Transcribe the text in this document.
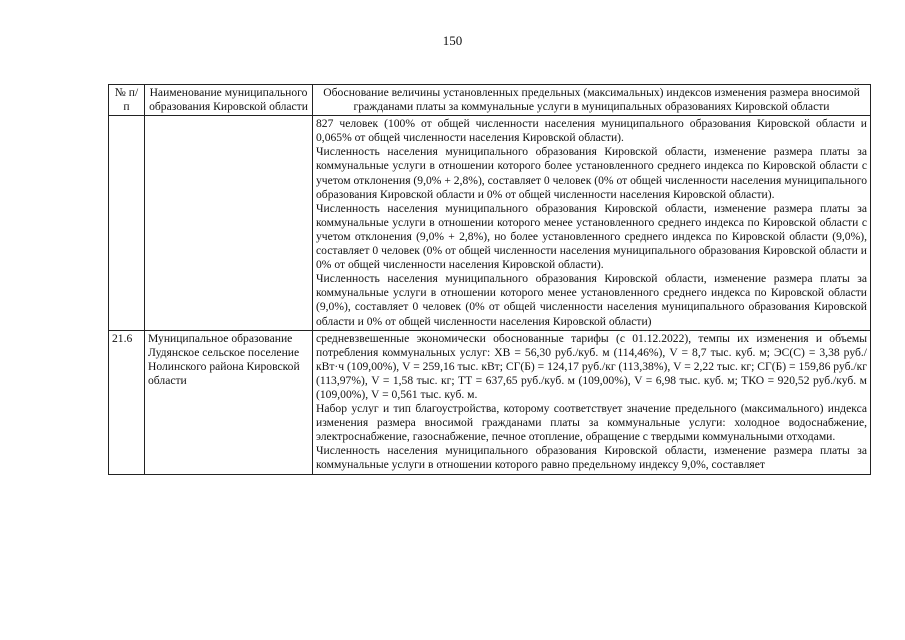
150
№ п/п	Наименование муниципального образования Кировской области	Обоснование величины установленных предельных (максимальных) индексов изменения размера вносимой гражданами платы за коммунальные услуги в муниципальных образованиях Кировской области

		827 человек (100% от общей численности населения муниципального образования Кировской области и 0,065% от общей численности населения Кировской области).
Численность населения муниципального образования Кировской области, изменение размера платы за коммунальные услуги в отношении которого более установленного среднего индекса по Кировской области с учетом отклонения (9,0% + 2,8%), составляет 0 человек (0% от общей численности населения муниципального образования Кировской области и 0% от общей численности населения Кировской области).
Численность населения муниципального образования Кировской области, изменение размера платы за коммунальные услуги в отношении которого менее установленного среднего индекса по Кировской области с учетом отклонения (9,0% + 2,8%), но более установленного среднего индекса по Кировской области (9,0%), составляет 0 человек (0% от общей численности населения муниципального образования Кировской области и 0% от общей численности населения Кировской области).
Численность населения муниципального образования Кировской области, изменение размера платы за коммунальные услуги в отношении которого менее установленного среднего индекса по Кировской области (9,0%), составляет 0 человек (0% от общей численности населения муниципального образования Кировской области и 0% от общей численности населения Кировской области)

21.6	Муниципальное образование Лудянское сельское поселение Нолинского района Кировской области	средневзвешенные экономически обоснованные тарифы (с 01.12.2022), темпы их изменения и объемы потребления коммунальных услуг: ХВ = 56,30 руб./куб. м (114,46%), V = 8,7 тыс. куб. м; ЭС(С) = 3,38 руб./кВт·ч (109,00%), V = 259,16 тыс. кВт; СГ(Б) = 124,17 руб./кг (113,38%), V = 2,22 тыс. кг; СГ(Б) = 159,86 руб./кг (113,97%), V = 1,58 тыс. кг; ТТ = 637,65 руб./куб. м (109,00%), V = 6,98 тыс. куб. м; ТКО = 920,52 руб./куб. м (109,00%), V = 0,561 тыс. куб. м.
Набор услуг и тип благоустройства, которому соответствует значение предельного (максимального) индекса изменения размера вносимой гражданами платы за коммунальные услуги: холодное водоснабжение, электроснабжение, газоснабжение, печное отопление, обращение с твердыми коммунальными отходами.
Численность населения муниципального образования Кировской области, изменение размера платы за коммунальные услуги в отношении которого равно предельному индексу 9,0%, составляет
